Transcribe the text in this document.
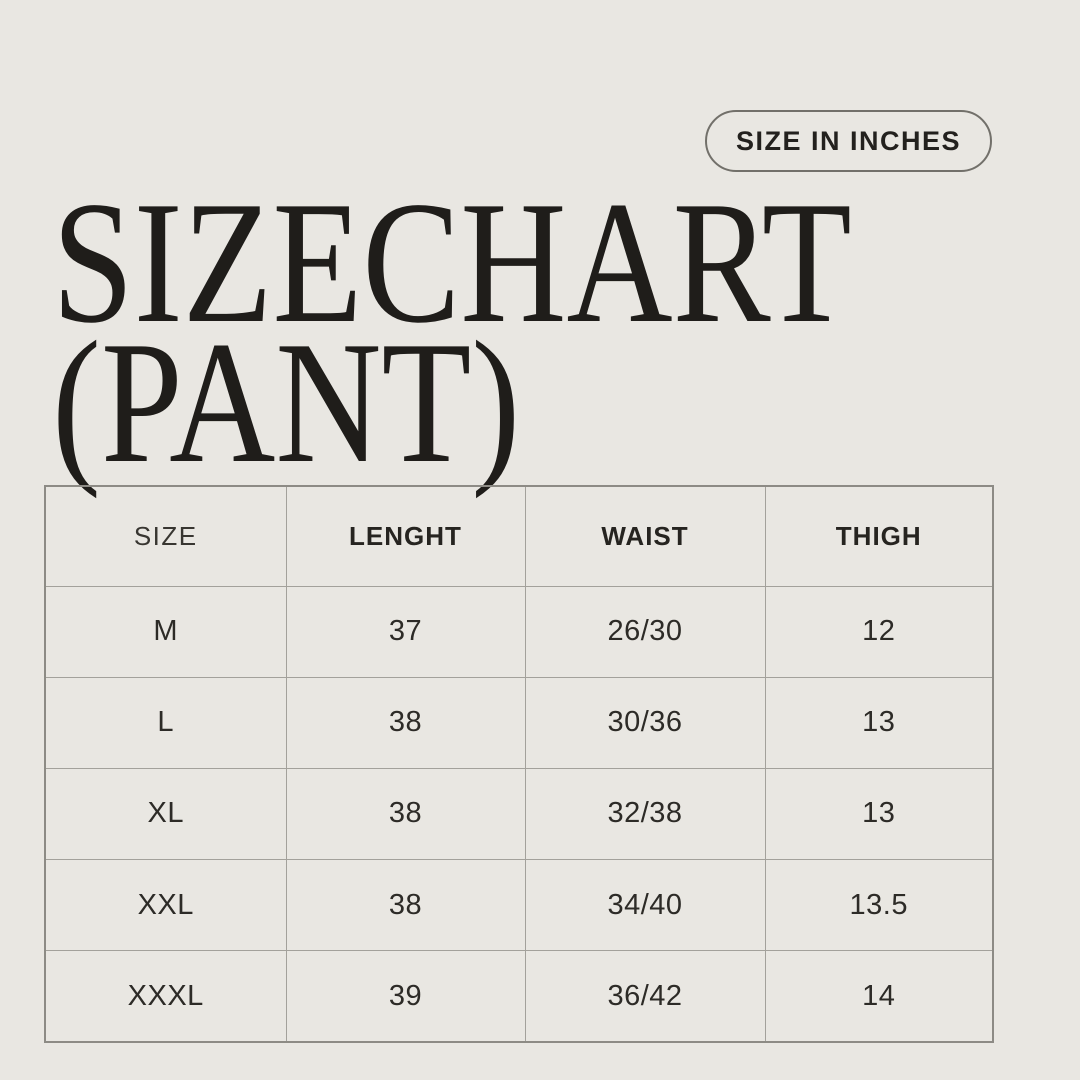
SIZE IN INCHES
SIZECHART
(PANT)
SIZE	LENGHT	WAIST	THIGH
M	37	26/30	12
L	38	30/36	13
XL	38	32/38	13
XXL	38	34/40	13.5
XXXL	39	36/42	14
